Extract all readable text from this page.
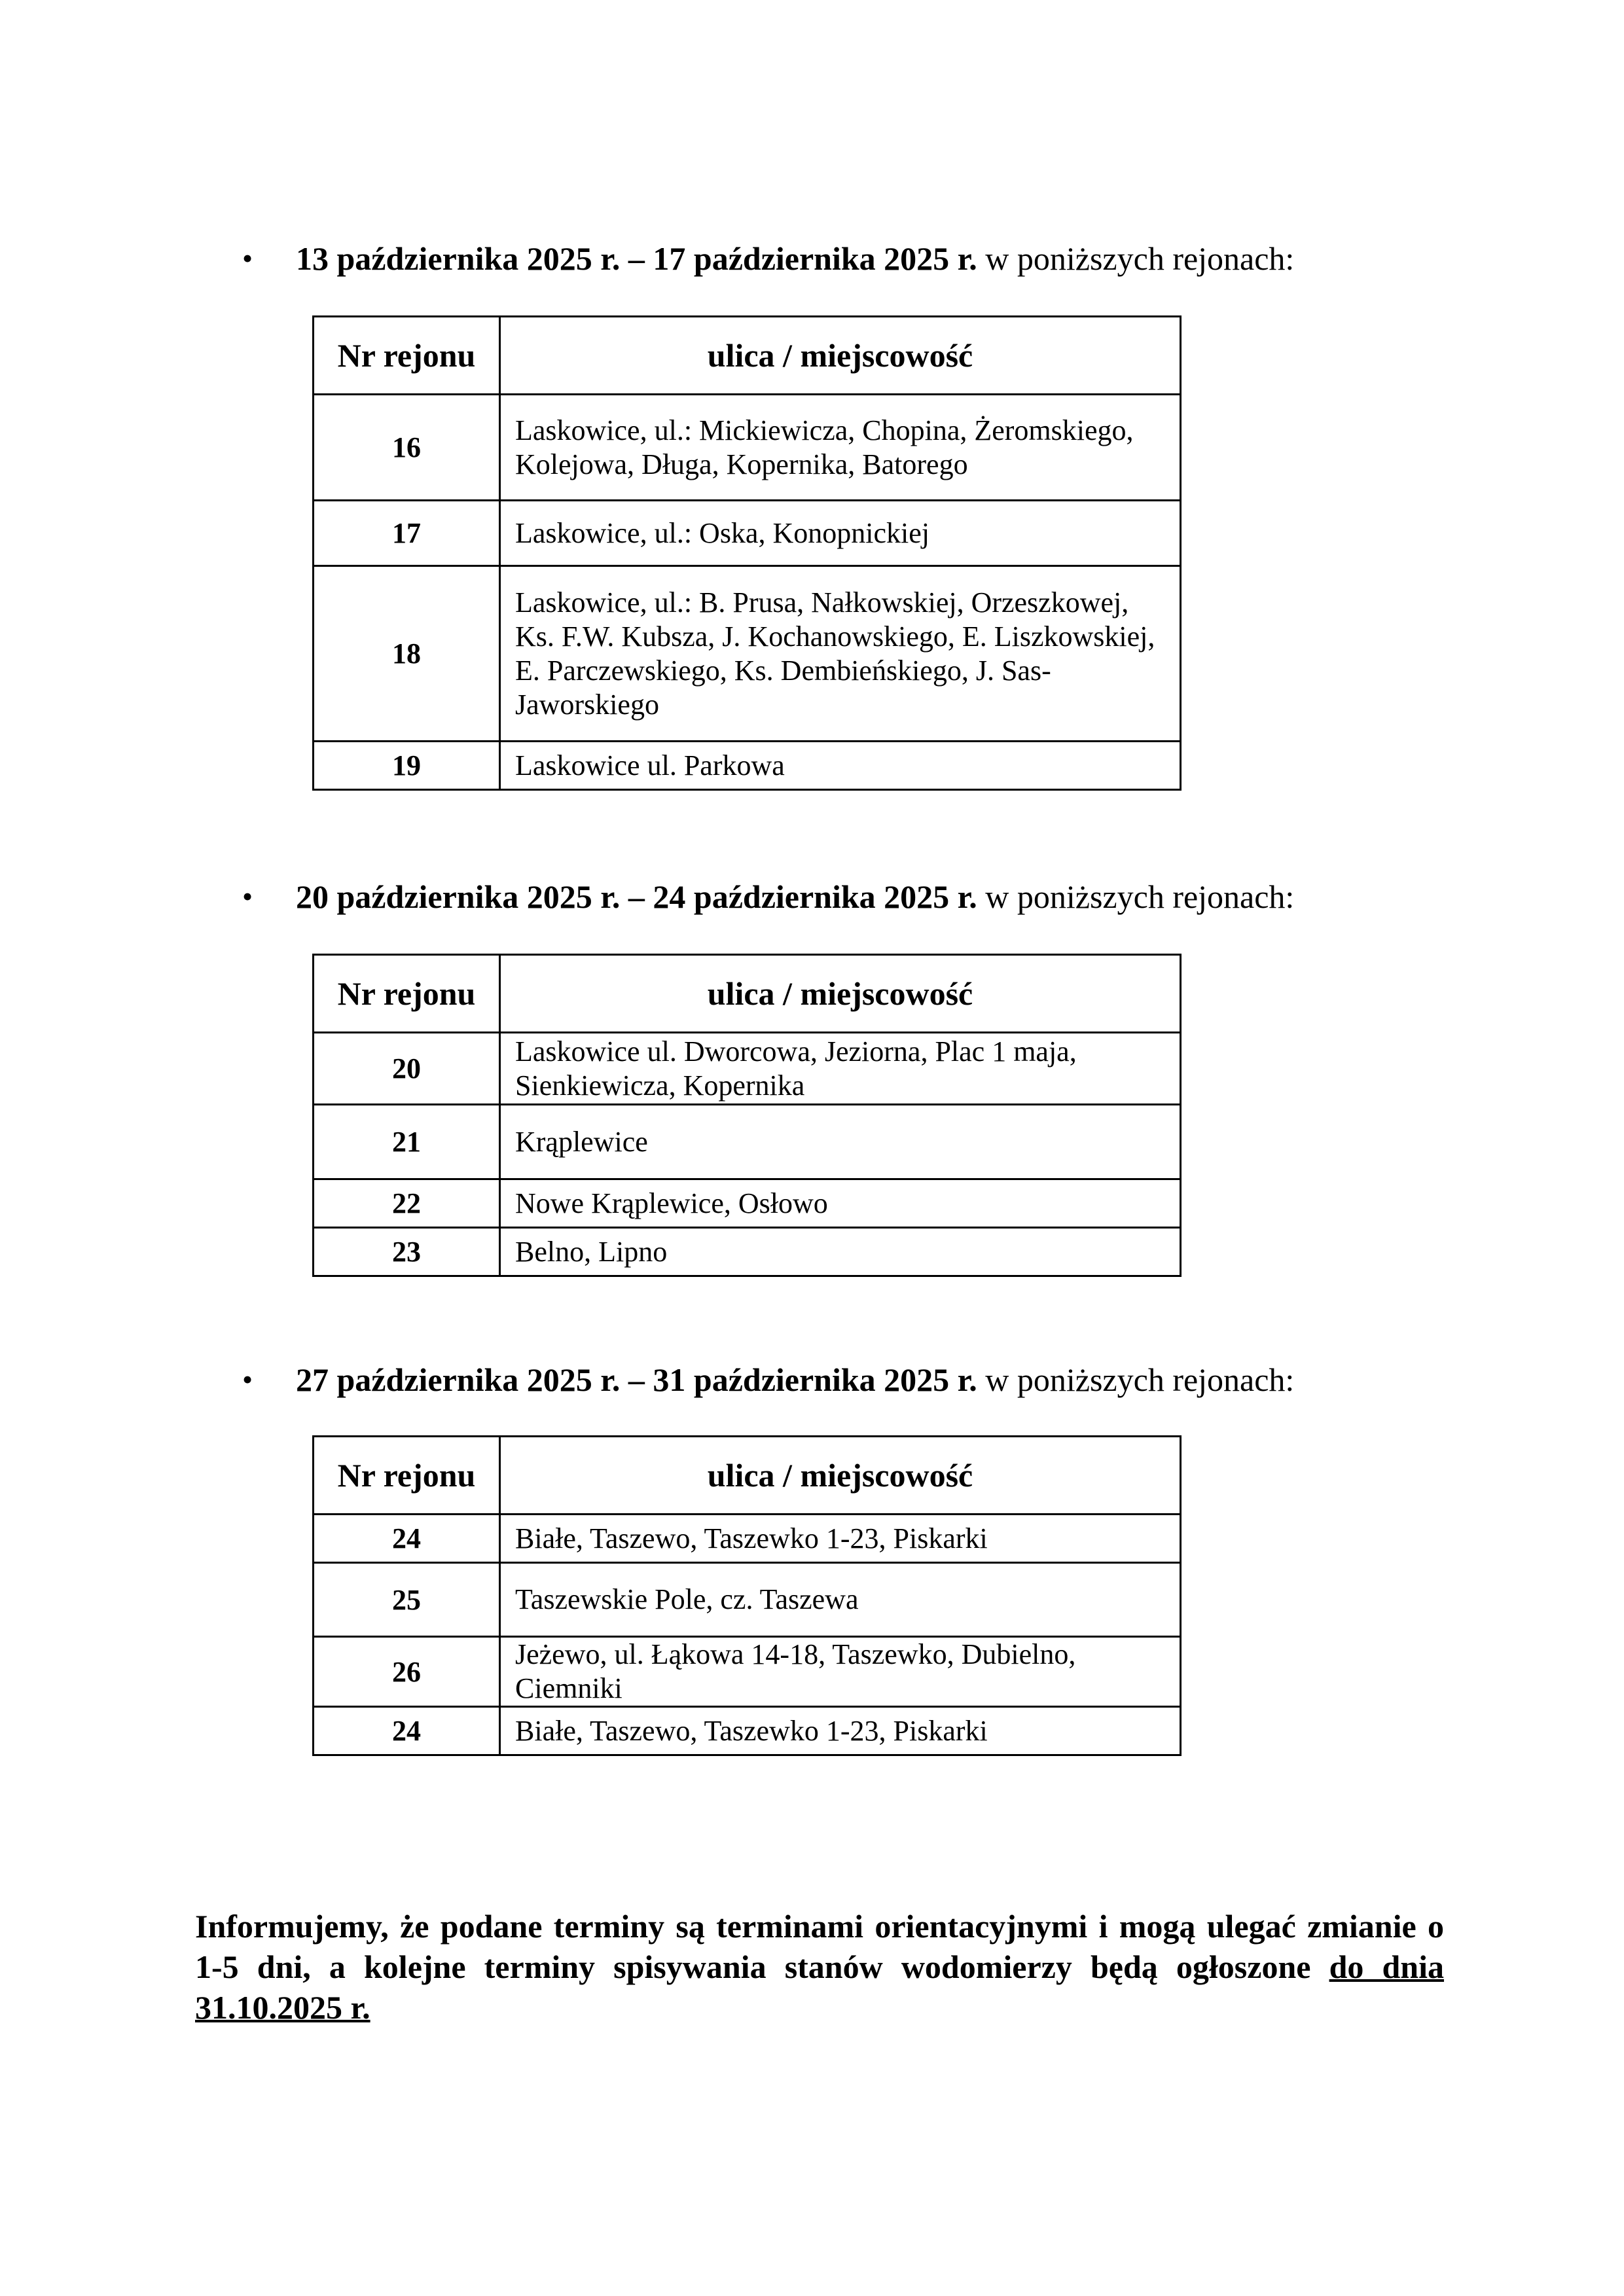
• 13 października 2025 r. – 17 października 2025 r. w poniższych rejonach:
Nr rejonu	ulica / miejscowość
16	Laskowice, ul.: Mickiewicza, Chopina, Żeromskiego, Kolejowa, Długa, Kopernika, Batorego
17	Laskowice, ul.: Oska, Konopnickiej
18	Laskowice, ul.: B. Prusa, Nałkowskiej, Orzeszkowej, Ks. F.W. Kubsza, J. Kochanowskiego, E. Liszkowskiej, E. Parczewskiego, Ks. Dembieńskiego, J. Sas-Jaworskiego
19	Laskowice ul. Parkowa
• 20 października 2025 r. – 24 października 2025 r. w poniższych rejonach:
Nr rejonu	ulica / miejscowość
20	Laskowice ul. Dworcowa, Jeziorna, Plac 1 maja, Sienkiewicza, Kopernika
21	Krąplewice
22	Nowe Krąplewice, Osłowo
23	Belno, Lipno
• 27 października 2025 r. – 31 października 2025 r. w poniższych rejonach:
Nr rejonu	ulica / miejscowość
24	Białe, Taszewo, Taszewko 1-23, Piskarki
25	Taszewskie Pole, cz. Taszewa
26	Jeżewo, ul. Łąkowa 14-18, Taszewko, Dubielno, Ciemniki
24	Białe, Taszewo, Taszewko 1-23, Piskarki

Informujemy, że podane terminy są terminami orientacyjnymi i mogą ulegać zmianie o 1-5 dni, a kolejne terminy spisywania stanów wodomierzy będą ogłoszone do dnia 31.10.2025 r.
